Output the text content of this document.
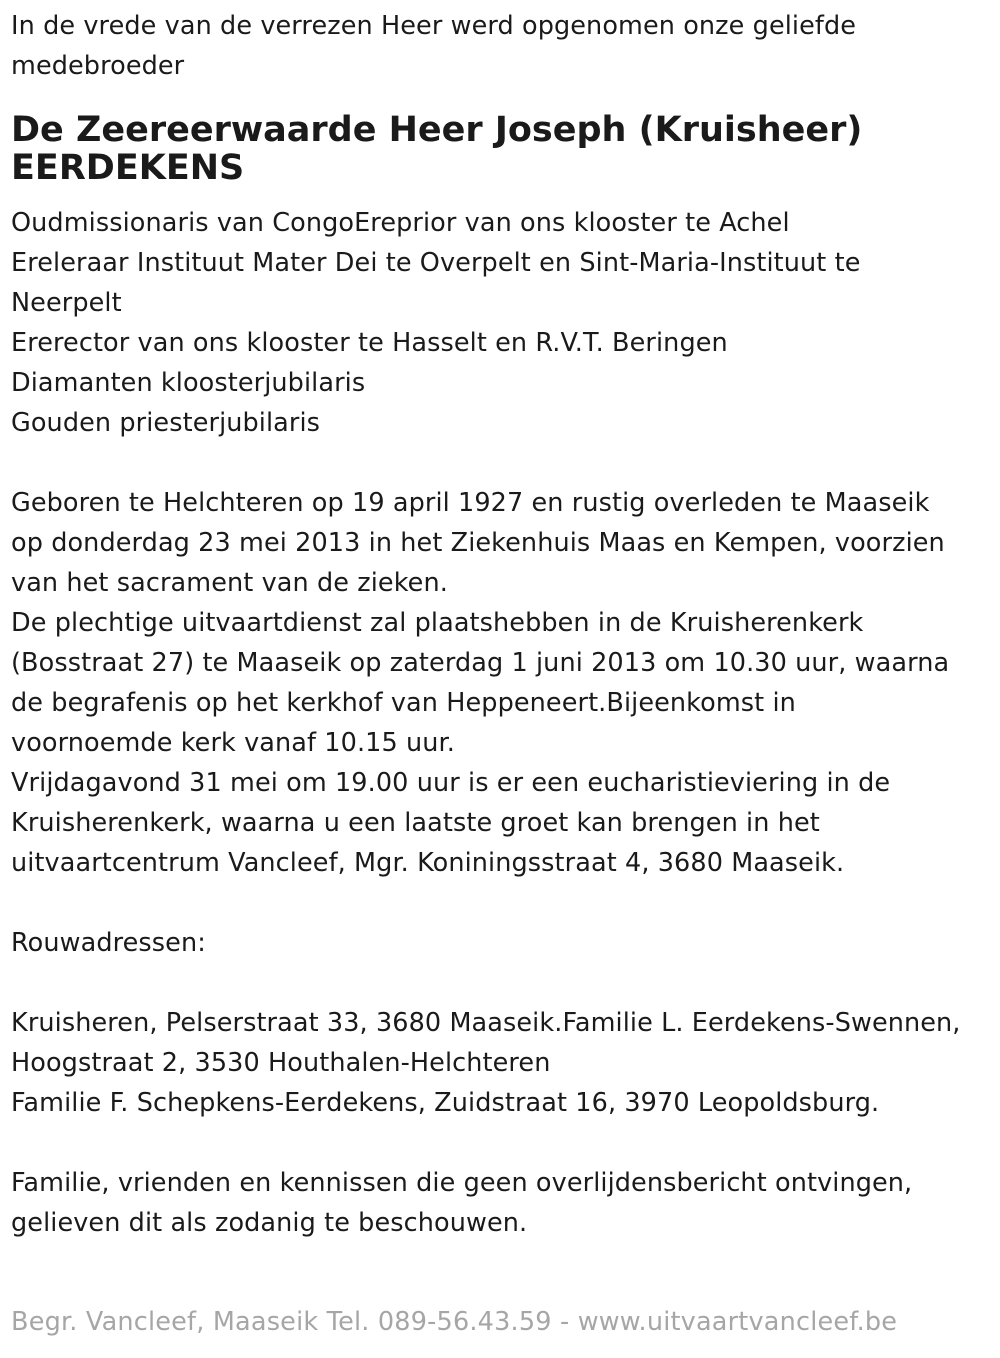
In de vrede van de verrezen Heer werd opgenomen onze geliefde
medebroeder
De Zeereerwaarde Heer Joseph (Kruisheer)
EERDEKENS
Oudmissionaris van CongoEreprior van ons klooster te Achel
Ereleraar Instituut Mater Dei te Overpelt en Sint-Maria-Instituut te
Neerpelt
Ererector van ons klooster te Hasselt en R.V.T. Beringen
Diamanten kloosterjubilaris
Gouden priesterjubilaris
Geboren te Helchteren op 19 april 1927 en rustig overleden te Maaseik
op donderdag 23 mei 2013 in het Ziekenhuis Maas en Kempen, voorzien
van het sacrament van de zieken.
De plechtige uitvaartdienst zal plaatshebben in de Kruisherenkerk
(Bosstraat 27) te Maaseik op zaterdag 1 juni 2013 om 10.30 uur, waarna
de begrafenis op het kerkhof van Heppeneert.Bijeenkomst in
voornoemde kerk vanaf 10.15 uur.
Vrijdagavond 31 mei om 19.00 uur is er een eucharistieviering in de
Kruisherenkerk, waarna u een laatste groet kan brengen in het
uitvaartcentrum Vancleef, Mgr. Koniningsstraat 4, 3680 Maaseik.
Rouwadressen:
Kruisheren, Pelserstraat 33, 3680 Maaseik.Familie L. Eerdekens-Swennen,
Hoogstraat 2, 3530 Houthalen-Helchteren
Familie F. Schepkens-Eerdekens, Zuidstraat 16, 3970 Leopoldsburg.
Familie, vrienden en kennissen die geen overlijdensbericht ontvingen,
gelieven dit als zodanig te beschouwen.
Begr. Vancleef, Maaseik Tel. 089-56.43.59 - www.uitvaartvancleef.be
